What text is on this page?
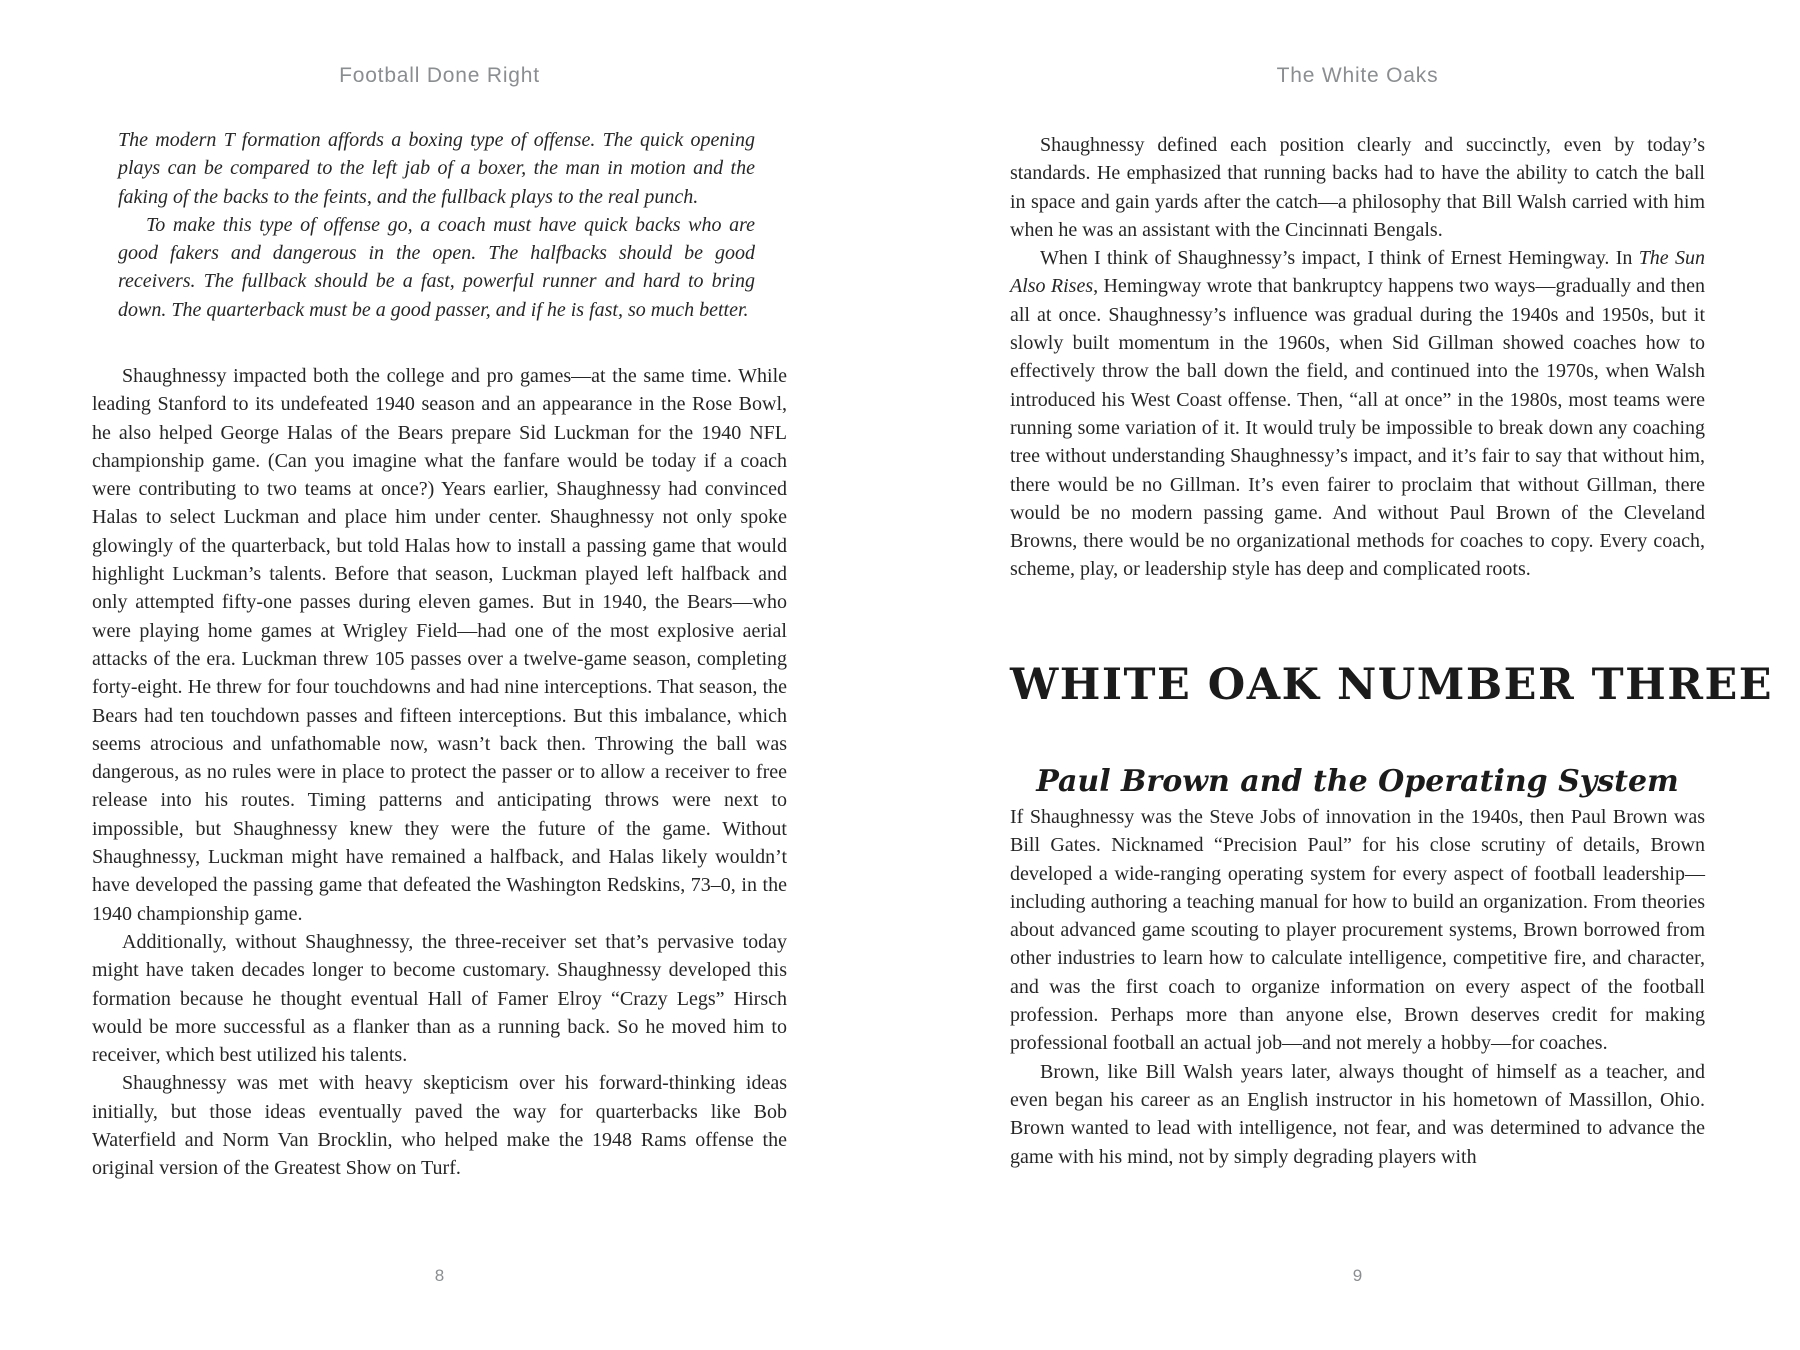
Football Done Right

The modern T formation affords a boxing type of offense. The quick opening plays can be compared to the left jab of a boxer, the man in motion and the faking of the backs to the feints, and the fullback plays to the real punch.

To make this type of offense go, a coach must have quick backs who are good fakers and dangerous in the open. The halfbacks should be good receivers. The fullback should be a fast, powerful runner and hard to bring down. The quarterback must be a good passer, and if he is fast, so much better.

Shaughnessy impacted both the college and pro games—at the same time. While leading Stanford to its undefeated 1940 season and an appearance in the Rose Bowl, he also helped George Halas of the Bears prepare Sid Luckman for the 1940 NFL championship game. (Can you imagine what the fanfare would be today if a coach were contributing to two teams at once?) Years earlier, Shaughnessy had convinced Halas to select Luckman and place him under center. Shaughnessy not only spoke glowingly of the quarterback, but told Halas how to install a passing game that would highlight Luckman’s talents. Before that season, Luckman played left halfback and only attempted fifty-one passes during eleven games. But in 1940, the Bears—who were playing home games at Wrigley Field—had one of the most explosive aerial attacks of the era. Luckman threw 105 passes over a twelve-game season, completing forty-eight. He threw for four touchdowns and had nine interceptions. That season, the Bears had ten touchdown passes and fifteen interceptions. But this imbalance, which seems atrocious and unfathomable now, wasn’t back then. Throwing the ball was dangerous, as no rules were in place to protect the passer or to allow a receiver to free release into his routes. Timing patterns and anticipating throws were next to impossible, but Shaughnessy knew they were the future of the game. Without Shaughnessy, Luckman might have remained a halfback, and Halas likely wouldn’t have developed the passing game that defeated the Washington Redskins, 73–0, in the 1940 championship game.

Additionally, without Shaughnessy, the three-receiver set that’s pervasive today might have taken decades longer to become customary. Shaughnessy developed this formation because he thought eventual Hall of Famer Elroy “Crazy Legs” Hirsch would be more successful as a flanker than as a running back. So he moved him to receiver, which best utilized his talents.

Shaughnessy was met with heavy skepticism over his forward-thinking ideas initially, but those ideas eventually paved the way for quarterbacks like Bob Waterfield and Norm Van Brocklin, who helped make the 1948 Rams offense the original version of the Greatest Show on Turf.

8
The White Oaks

Shaughnessy defined each position clearly and succinctly, even by today’s standards. He emphasized that running backs had to have the ability to catch the ball in space and gain yards after the catch—a philosophy that Bill Walsh carried with him when he was an assistant with the Cincinnati Bengals.

When I think of Shaughnessy’s impact, I think of Ernest Hemingway. In The Sun Also Rises, Hemingway wrote that bankruptcy happens two ways—gradually and then all at once. Shaughnessy’s influence was gradual during the 1940s and 1950s, but it slowly built momentum in the 1960s, when Sid Gillman showed coaches how to effectively throw the ball down the field, and continued into the 1970s, when Walsh introduced his West Coast offense. Then, “all at once” in the 1980s, most teams were running some variation of it. It would truly be impossible to break down any coaching tree without understanding Shaughnessy’s impact, and it’s fair to say that without him, there would be no Gillman. It’s even fairer to proclaim that without Gillman, there would be no modern passing game. And without Paul Brown of the Cleveland Browns, there would be no organizational methods for coaches to copy. Every coach, scheme, play, or leadership style has deep and complicated roots.

WHITE OAK NUMBER THREE
Paul Brown and the Operating System

If Shaughnessy was the Steve Jobs of innovation in the 1940s, then Paul Brown was Bill Gates. Nicknamed “Precision Paul” for his close scrutiny of details, Brown developed a wide-ranging operating system for every aspect of football leadership—including authoring a teaching manual for how to build an organization. From theories about advanced game scouting to player procurement systems, Brown borrowed from other industries to learn how to calculate intelligence, competitive fire, and character, and was the first coach to organize information on every aspect of the football profession. Perhaps more than anyone else, Brown deserves credit for making professional football an actual job—and not merely a hobby—for coaches.

Brown, like Bill Walsh years later, always thought of himself as a teacher, and even began his career as an English instructor in his hometown of Massillon, Ohio. Brown wanted to lead with intelligence, not fear, and was determined to advance the game with his mind, not by simply degrading players with

9
